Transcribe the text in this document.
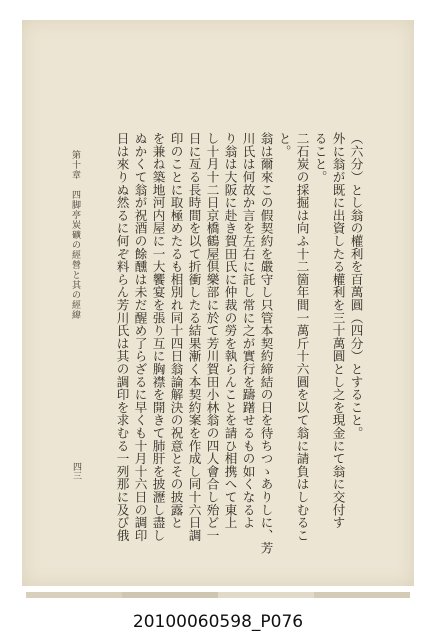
（六分）とし翁の權利を百萬圓（四分）とすること。
外に翁が既に出資したる權利を三十萬圓とし之を現金にて翁に交付す
ること。
二石炭の採掘は向ふ十二箇年間一萬斤十六圓を以て翁に請負はしむるこ
と。
翁は爾來この假契約を嚴守し只管本契約締結の日を待ちつゝありしに、芳
川氏は何故か言を左右に託し常に之が實行を躊躇せるもの如くなるよ
り翁は大阪に赴き賀田氏に仲裁の勞を執らんことを請ひ相携へて東上
し十月十二日京橋鶴屋倶樂部に於て芳川賀田小林翁の四人會合し殆ど一
日に亙る長時間を以て折衝したる結果漸く本契約案を作成し同十六日調
印のことに取極めたるも相別れ同十四日翁論解決の祝意とその披露と
を兼ね築地河内屋に一大饗宴を張り互に胸襟を開きて肺肝を披瀝し盡し
ぬかくて翁が祝酒の餘醺は未だ醒め了らざるに早くも十月十六日の調印
日は來りぬ然るに何ぞ料らん芳川氏は其の調印を求むる一列那に及び俄
第十章　四脚亭炭礦の經營と其の經緯
四三
20100060598_P076
